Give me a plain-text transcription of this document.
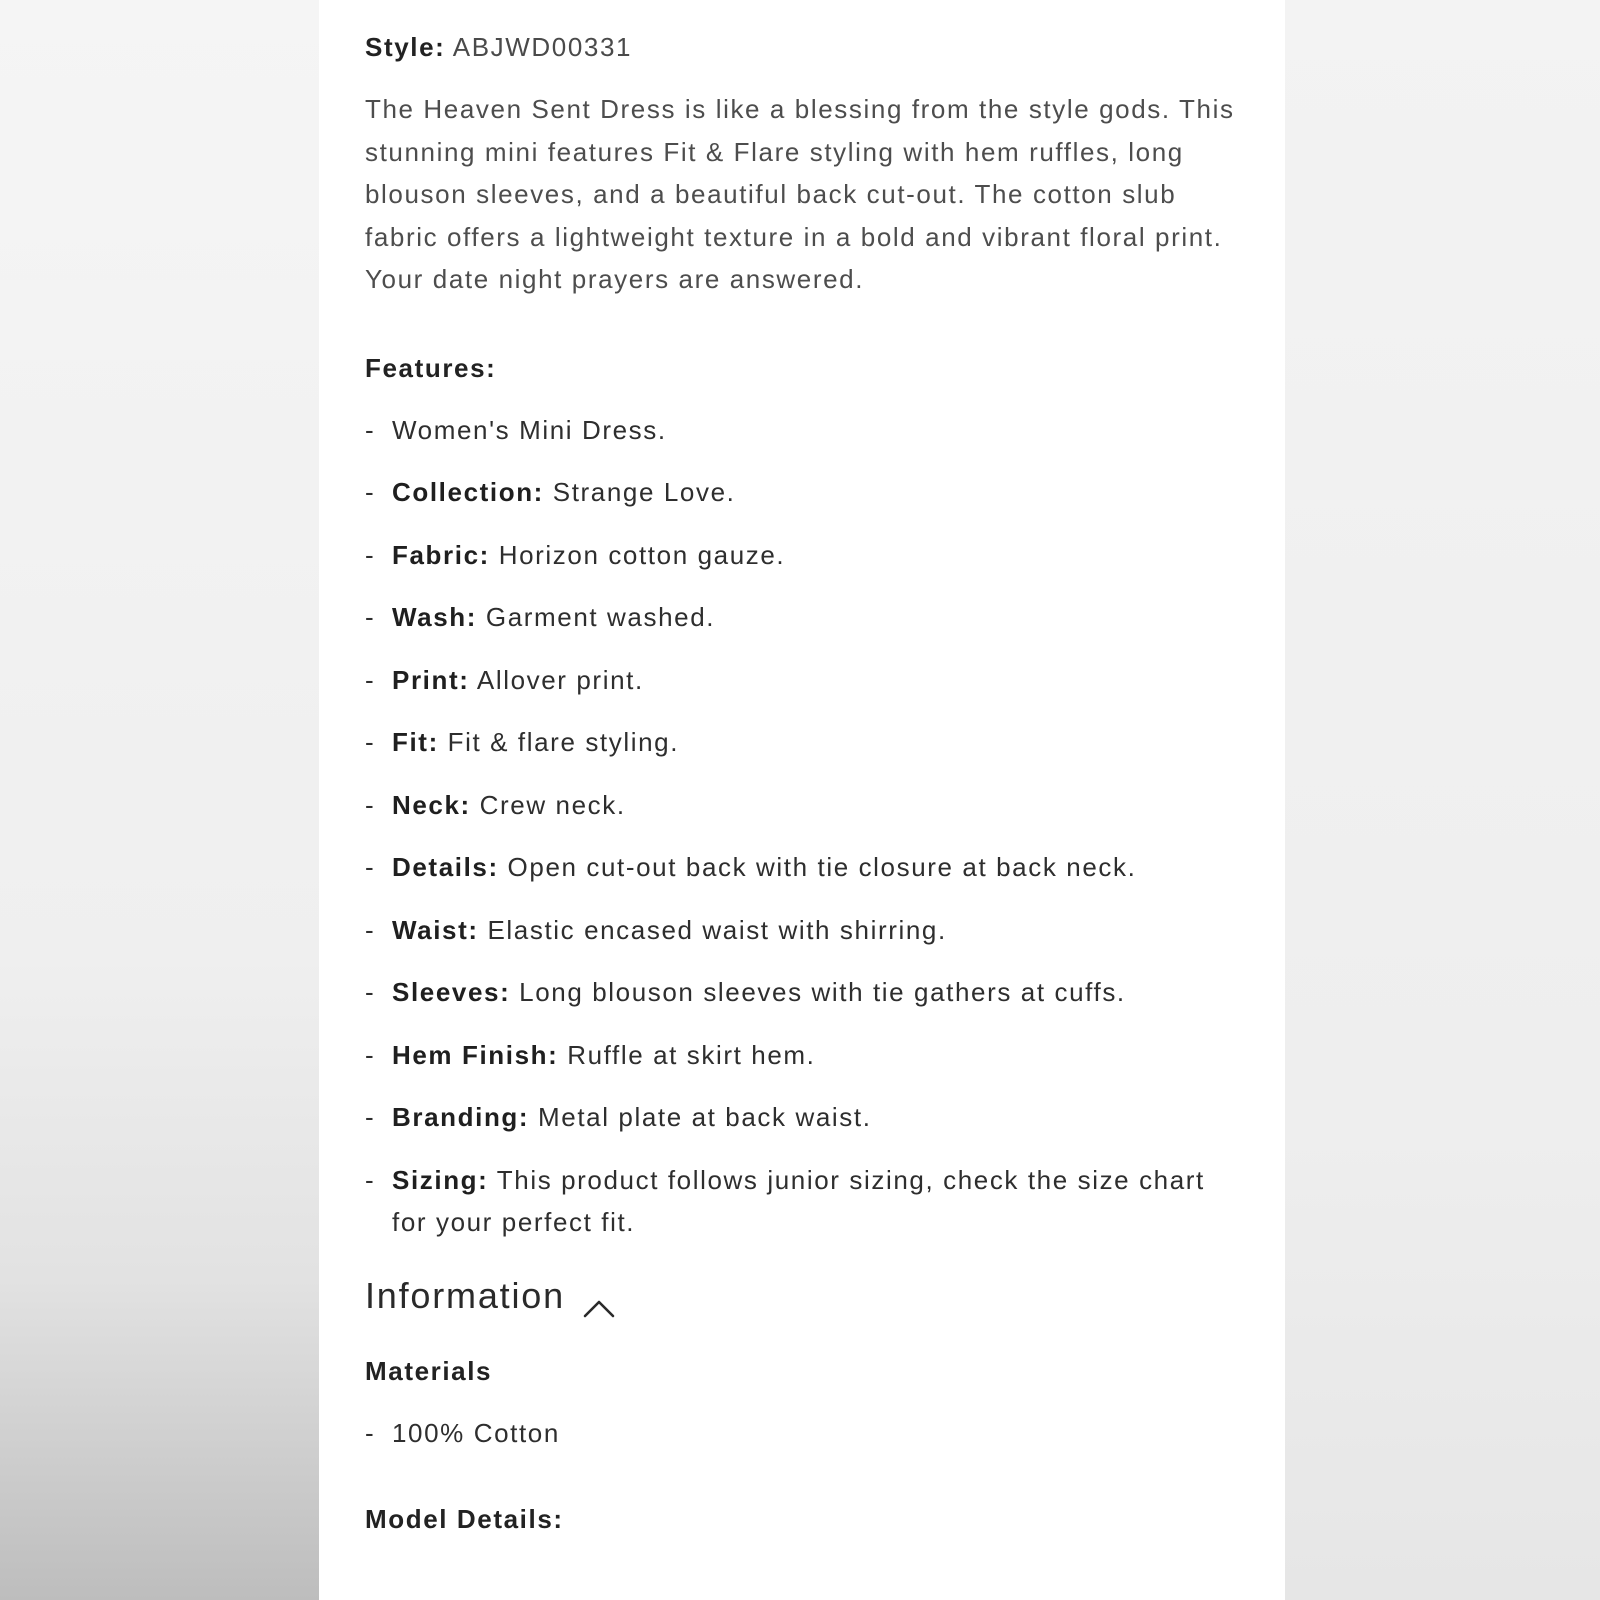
Style: ABJWD00331

The Heaven Sent Dress is like a blessing from the style gods. This stunning mini features Fit & Flare styling with hem ruffles, long blouson sleeves, and a beautiful back cut-out. The cotton slub fabric offers a lightweight texture in a bold and vibrant floral print. Your date night prayers are answered.

Features:
- Women's Mini Dress.
- Collection: Strange Love.
- Fabric: Horizon cotton gauze.
- Wash: Garment washed.
- Print: Allover print.
- Fit: Fit & flare styling.
- Neck: Crew neck.
- Details: Open cut-out back with tie closure at back neck.
- Waist: Elastic encased waist with shirring.
- Sleeves: Long blouson sleeves with tie gathers at cuffs.
- Hem Finish: Ruffle at skirt hem.
- Branding: Metal plate at back waist.
- Sizing: This product follows junior sizing, check the size chart for your perfect fit.
Information
Materials
- 100% Cotton
Model Details:
